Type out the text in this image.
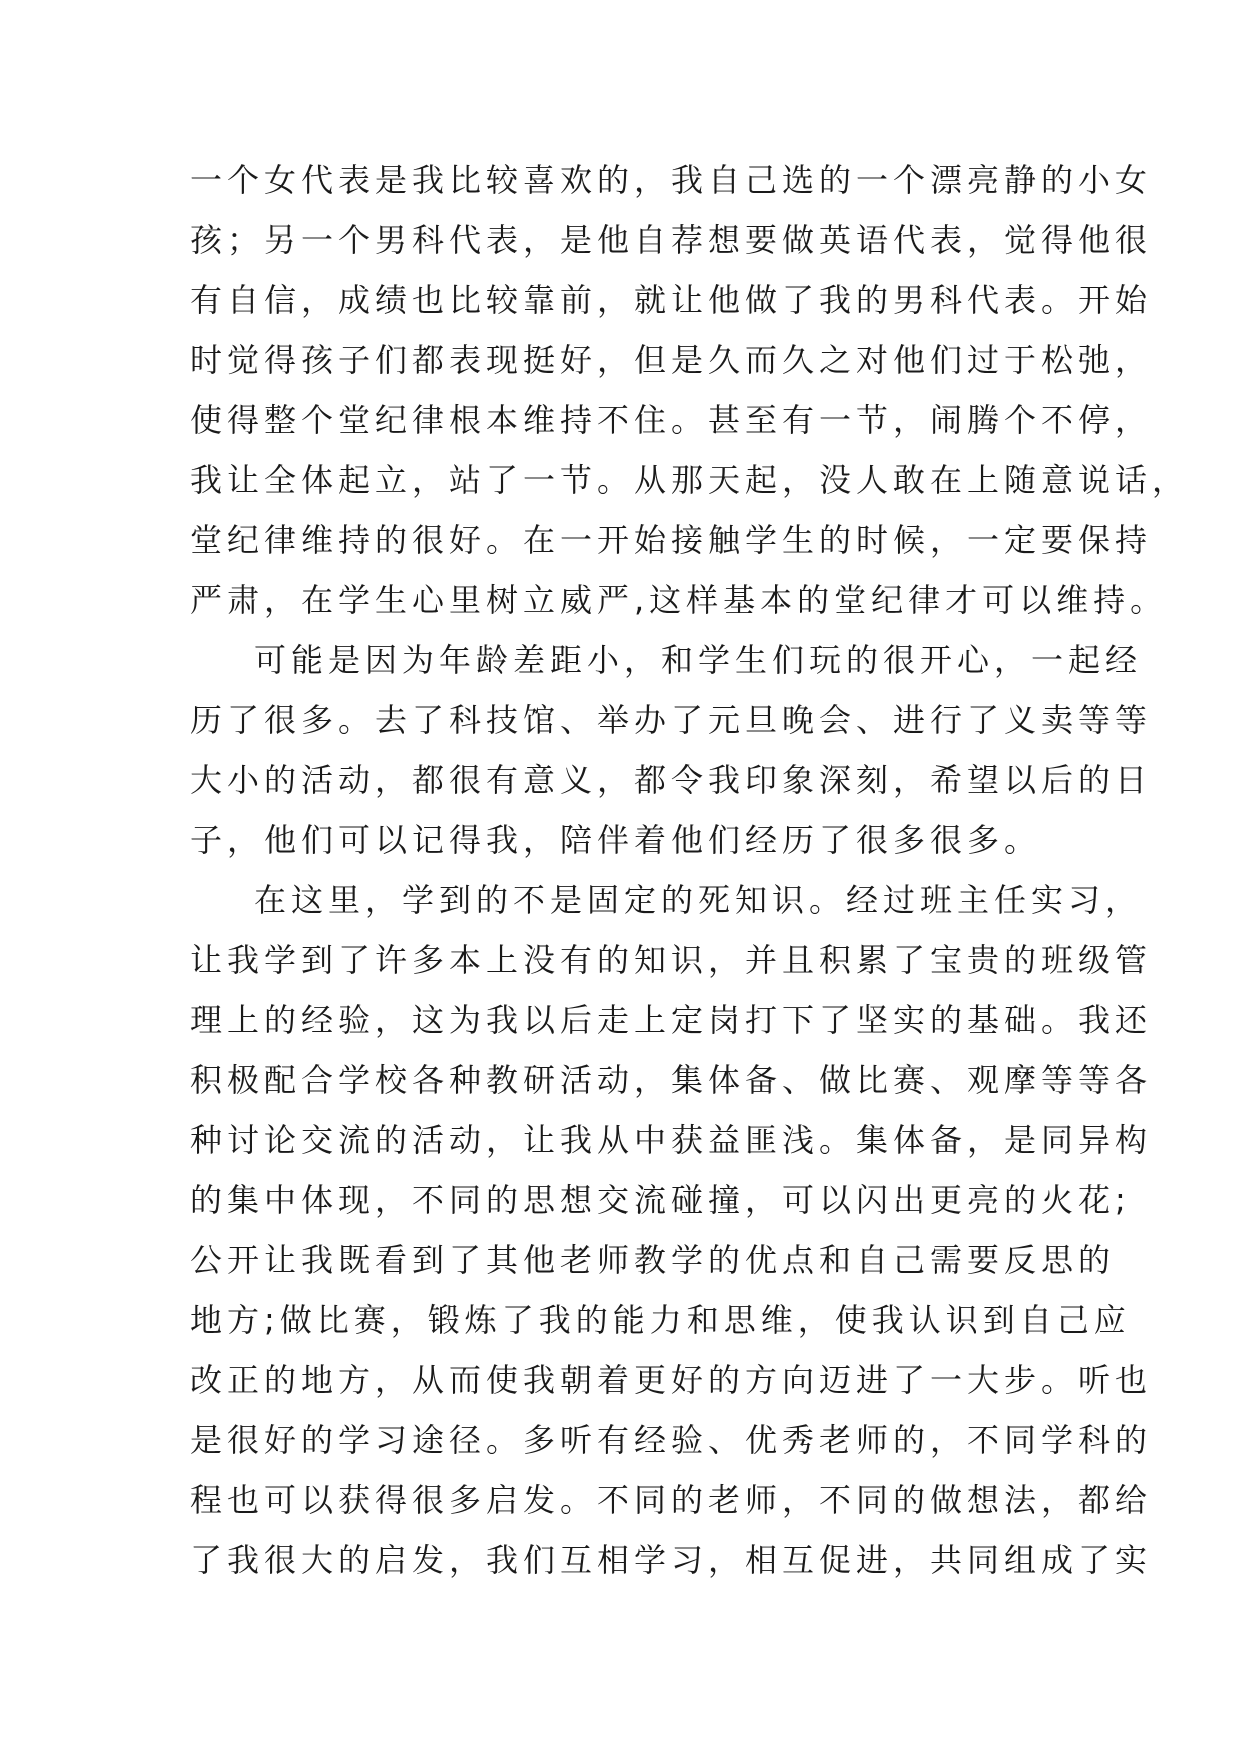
一个女代表是我比较喜欢的，我自己选的一个漂亮静的小女
孩；另一个男科代表，是他自荐想要做英语代表，觉得他很
有自信，成绩也比较靠前，就让他做了我的男科代表。开始
时觉得孩子们都表现挺好，但是久而久之对他们过于松弛，
使得整个堂纪律根本维持不住。甚至有一节，闹腾个不停，
我让全体起立，站了一节。从那天起，没人敢在上随意说话，
堂纪律维持的很好。在一开始接触学生的时候，一定要保持
严肃，在学生心里树立威严,这样基本的堂纪律才可以维持。
可能是因为年龄差距小，和学生们玩的很开心，一起经
历了很多。去了科技馆、举办了元旦晚会、进行了义卖等等
大小的活动，都很有意义，都令我印象深刻，希望以后的日
子，他们可以记得我，陪伴着他们经历了很多很多。
在这里，学到的不是固定的死知识。经过班主任实习，
让我学到了许多本上没有的知识，并且积累了宝贵的班级管
理上的经验，这为我以后走上定岗打下了坚实的基础。我还
积极配合学校各种教研活动，集体备、做比赛、观摩等等各
种讨论交流的活动，让我从中获益匪浅。集体备，是同异构
的集中体现，不同的思想交流碰撞，可以闪出更亮的火花;
公开让我既看到了其他老师教学的优点和自己需要反思的
地方;做比赛，锻炼了我的能力和思维，使我认识到自己应
改正的地方，从而使我朝着更好的方向迈进了一大步。听也
是很好的学习途径。多听有经验、优秀老师的，不同学科的
程也可以获得很多启发。不同的老师，不同的做想法，都给
了我很大的启发，我们互相学习，相互促进，共同组成了实
